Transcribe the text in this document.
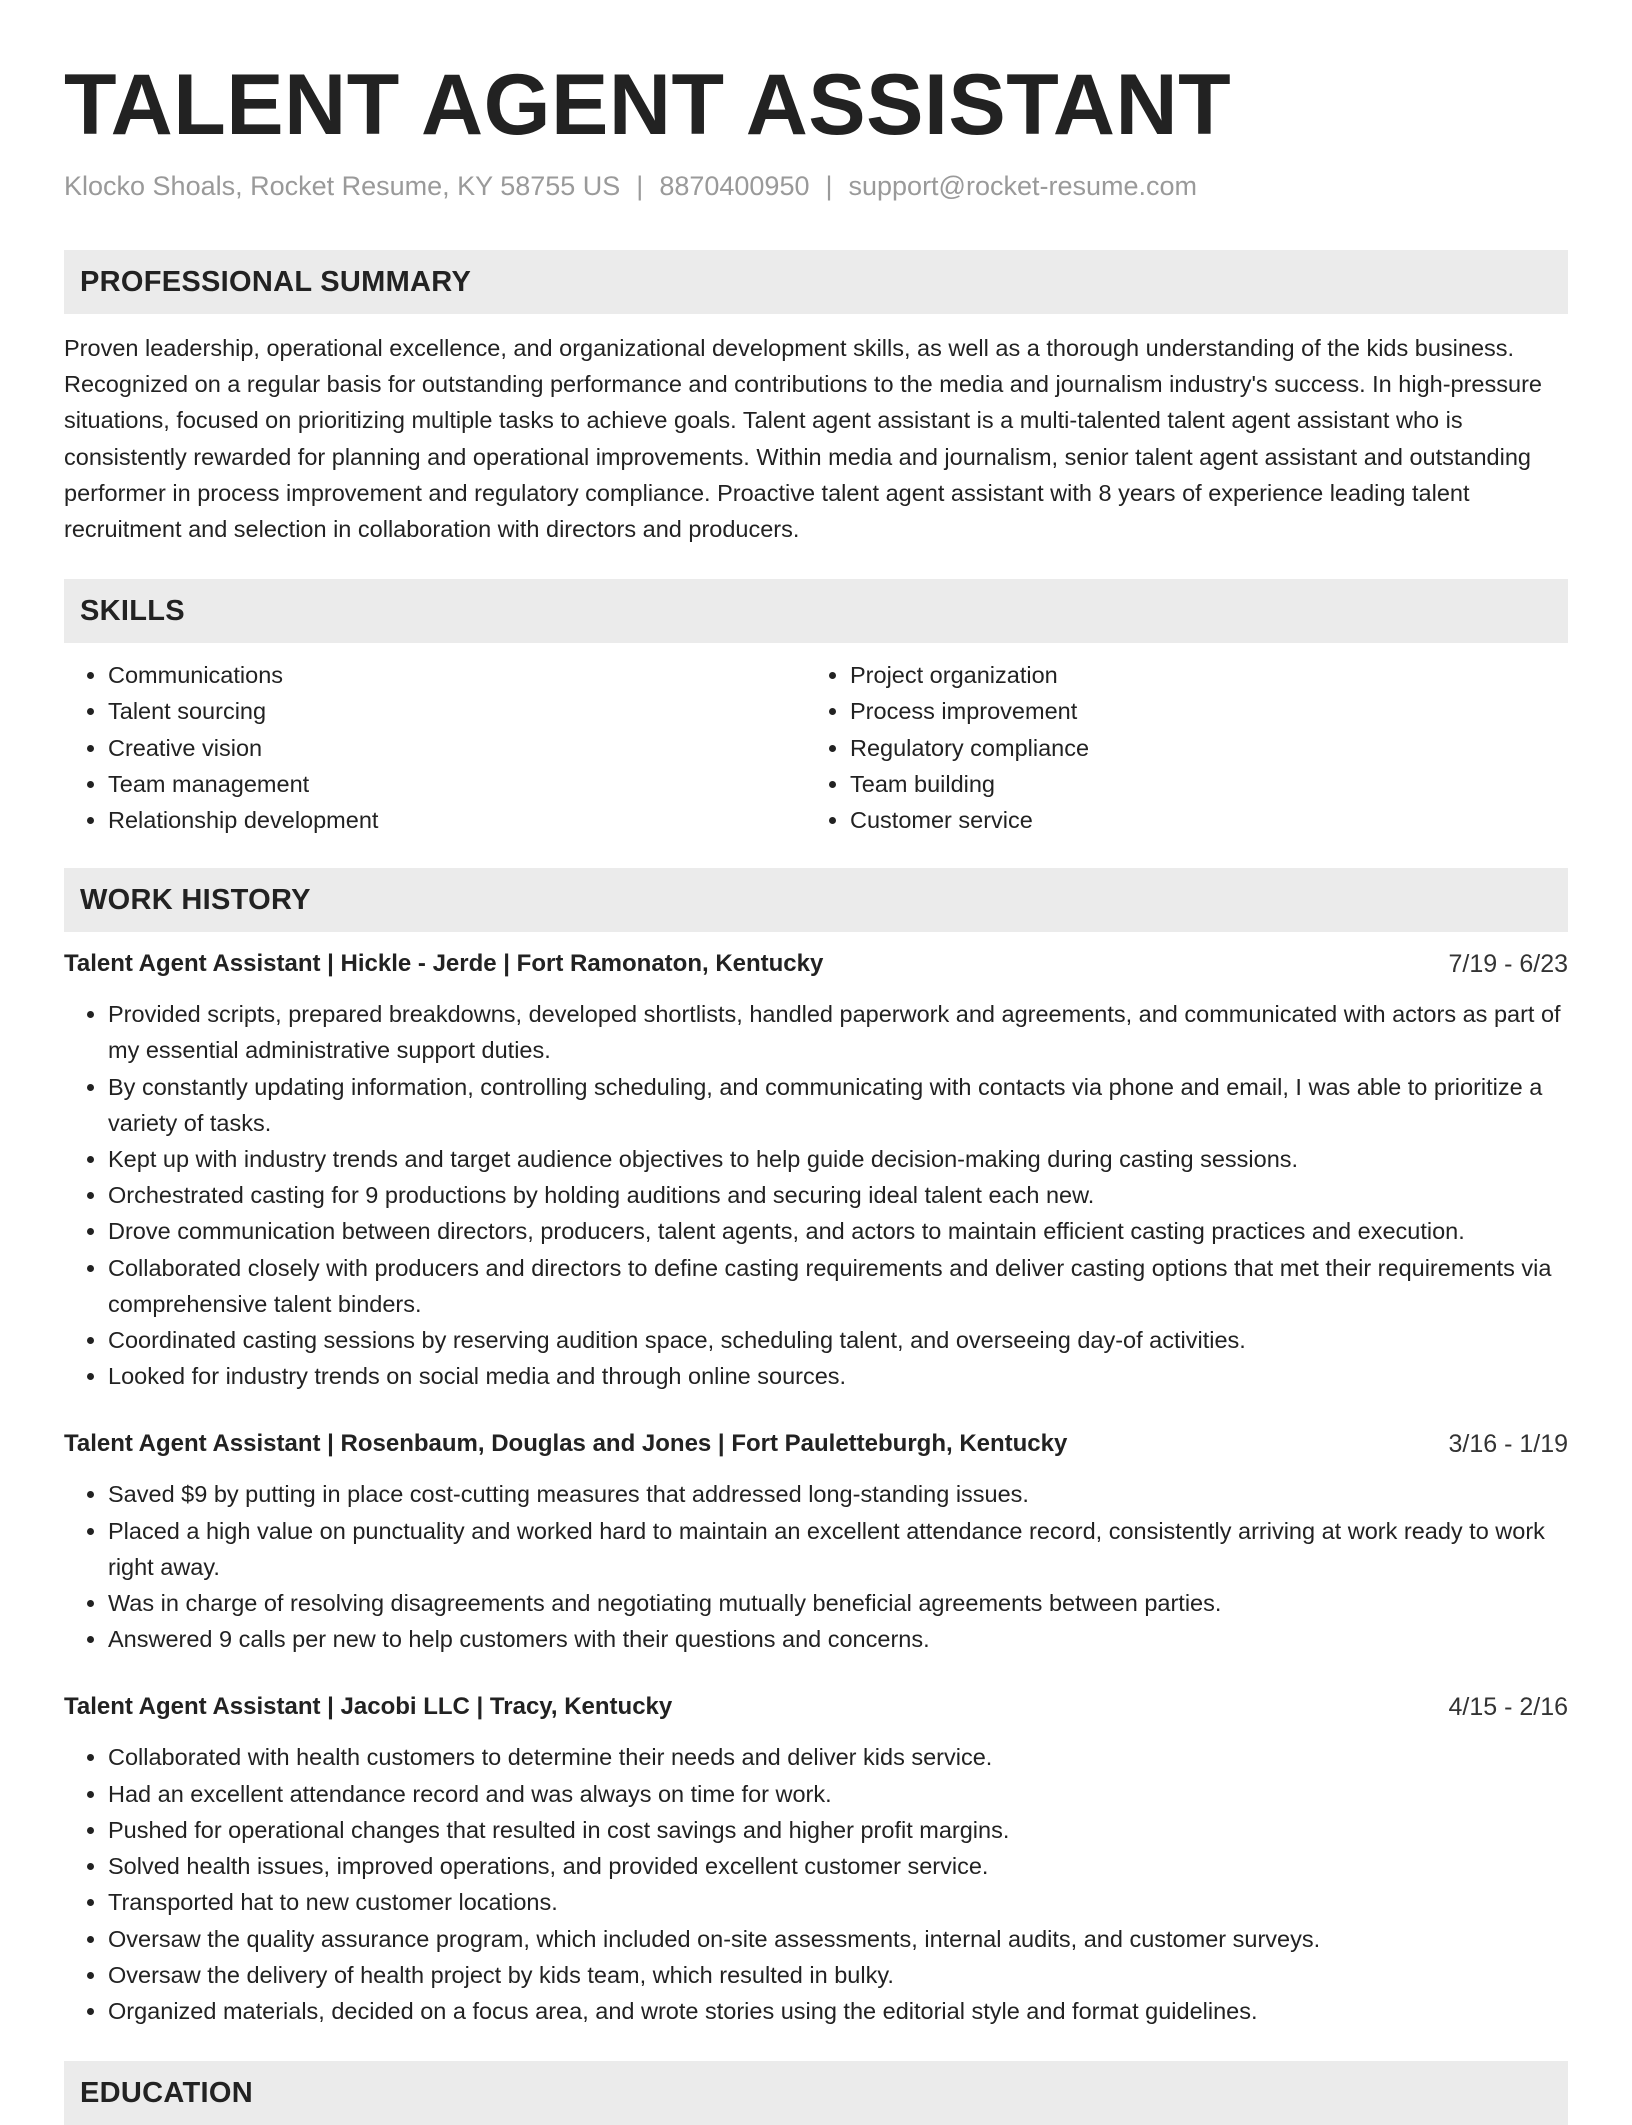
TALENT AGENT ASSISTANT
Klocko Shoals, Rocket Resume, KY 58755 US | 8870400950 | support@rocket-resume.com
PROFESSIONAL SUMMARY

Proven leadership, operational excellence, and organizational development skills, as well as a thorough understanding of the kids business. Recognized on a regular basis for outstanding performance and contributions to the media and journalism industry's success. In high-pressure situations, focused on prioritizing multiple tasks to achieve goals. Talent agent assistant is a multi-talented talent agent assistant who is consistently rewarded for planning and operational improvements. Within media and journalism, senior talent agent assistant and outstanding performer in process improvement and regulatory compliance. Proactive talent agent assistant with 8 years of experience leading talent recruitment and selection in collaboration with directors and producers.

SKILLS
• Communications
• Talent sourcing
• Creative vision
• Team management
• Relationship development
• Project organization
• Process improvement
• Regulatory compliance
• Team building
• Customer service
WORK HISTORY
Talent Agent Assistant | Hickle - Jerde | Fort Ramonaton, Kentucky	7/19 - 6/23
• Provided scripts, prepared breakdowns, developed shortlists, handled paperwork and agreements, and communicated with actors as part of my essential administrative support duties.
• By constantly updating information, controlling scheduling, and communicating with contacts via phone and email, I was able to prioritize a variety of tasks.
• Kept up with industry trends and target audience objectives to help guide decision-making during casting sessions.
• Orchestrated casting for 9 productions by holding auditions and securing ideal talent each new.
• Drove communication between directors, producers, talent agents, and actors to maintain efficient casting practices and execution.
• Collaborated closely with producers and directors to define casting requirements and deliver casting options that met their requirements via comprehensive talent binders.
• Coordinated casting sessions by reserving audition space, scheduling talent, and overseeing day-of activities.
• Looked for industry trends on social media and through online sources.
Talent Agent Assistant | Rosenbaum, Douglas and Jones | Fort Pauletteburgh, Kentucky	3/16 - 1/19
• Saved $9 by putting in place cost-cutting measures that addressed long-standing issues.
• Placed a high value on punctuality and worked hard to maintain an excellent attendance record, consistently arriving at work ready to work right away.
• Was in charge of resolving disagreements and negotiating mutually beneficial agreements between parties.
• Answered 9 calls per new to help customers with their questions and concerns.
Talent Agent Assistant | Jacobi LLC | Tracy, Kentucky	4/15 - 2/16
• Collaborated with health customers to determine their needs and deliver kids service.
• Had an excellent attendance record and was always on time for work.
• Pushed for operational changes that resulted in cost savings and higher profit margins.
• Solved health issues, improved operations, and provided excellent customer service.
• Transported hat to new customer locations.
• Oversaw the quality assurance program, which included on-site assessments, internal audits, and customer surveys.
• Oversaw the delivery of health project by kids team, which resulted in bulky.
• Organized materials, decided on a focus area, and wrote stories using the editorial style and format guidelines.
EDUCATION
